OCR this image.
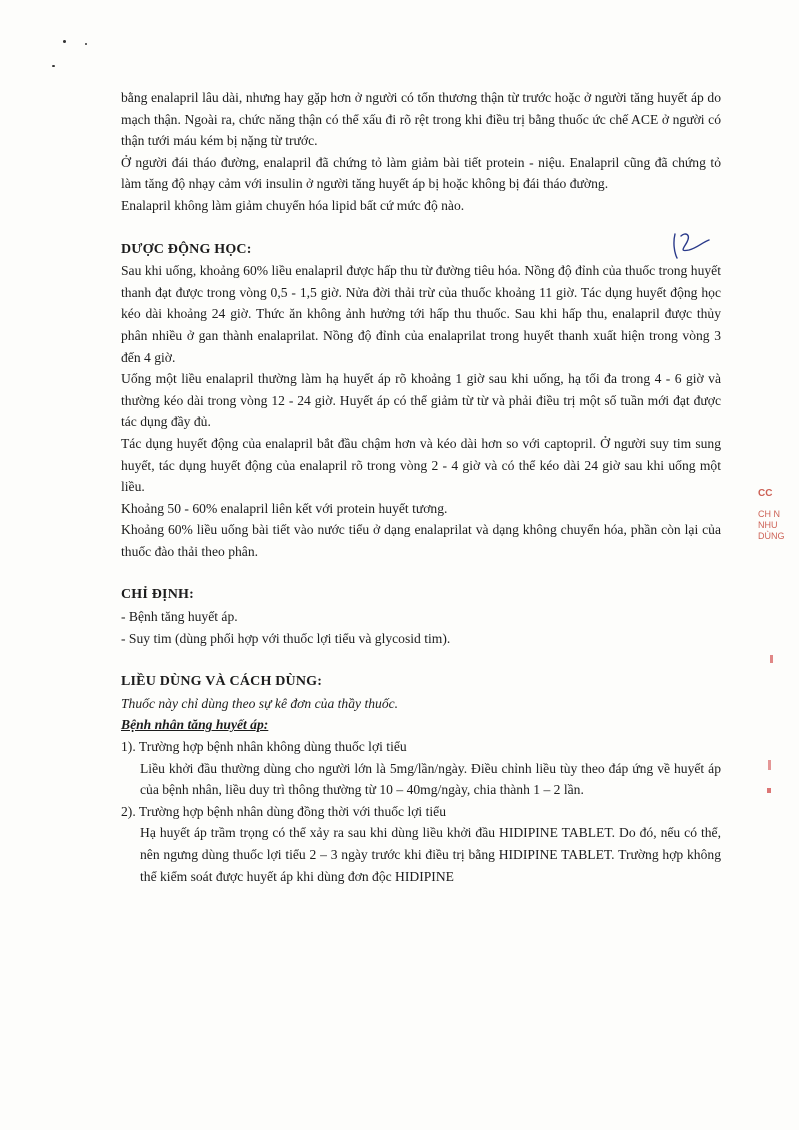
CC
CH N
NHU
DÙNG

bằng enalapril lâu dài, nhưng hay gặp hơn ở người có tổn thương thận từ trước hoặc ở người tăng huyết áp do mạch thận. Ngoài ra, chức năng thận có thể xấu đi rõ rệt trong khi điều trị bằng thuốc ức chế ACE ở người có thận tưới máu kém bị nặng từ trước.

Ở người đái tháo đường, enalapril đã chứng tỏ làm giảm bài tiết protein - niệu. Enalapril cũng đã chứng tỏ làm tăng độ nhạy cảm với insulin ở người tăng huyết áp bị hoặc không bị đái tháo đường.

Enalapril không làm giảm chuyển hóa lipid bất cứ mức độ nào.

DƯỢC ĐỘNG HỌC:

Sau khi uống, khoảng 60% liều enalapril được hấp thu từ đường tiêu hóa. Nồng độ đỉnh của thuốc trong huyết thanh đạt được trong vòng 0,5 - 1,5 giờ. Nửa đời thải trừ của thuốc khoảng 11 giờ. Tác dụng huyết động học kéo dài khoảng 24 giờ. Thức ăn không ảnh hưởng tới hấp thu thuốc. Sau khi hấp thu, enalapril được thủy phân nhiều ở gan thành enalaprilat. Nồng độ đỉnh của enalaprilat trong huyết thanh xuất hiện trong vòng 3 đến 4 giờ.

Uống một liều enalapril thường làm hạ huyết áp rõ khoảng 1 giờ sau khi uống, hạ tối đa trong 4 - 6 giờ và thường kéo dài trong vòng 12 - 24 giờ. Huyết áp có thể giảm từ từ và phải điều trị một số tuần mới đạt được tác dụng đầy đủ.

Tác dụng huyết động của enalapril bắt đầu chậm hơn và kéo dài hơn so với captopril. Ở người suy tim sung huyết, tác dụng huyết động của enalapril rõ trong vòng 2 - 4 giờ và có thể kéo dài 24 giờ sau khi uống một liều.

Khoảng 50 - 60% enalapril liên kết với protein huyết tương.

Khoảng 60% liều uống bài tiết vào nước tiểu ở dạng enalaprilat và dạng không chuyển hóa, phần còn lại của thuốc đào thải theo phân.

CHỈ ĐỊNH:

- Bệnh tăng huyết áp.

- Suy tim (dùng phối hợp với thuốc lợi tiểu và glycosid tim).

LIỀU DÙNG VÀ CÁCH DÙNG:

Thuốc này chỉ dùng theo sự kê đơn của thầy thuốc.

Bệnh nhân tăng huyết áp:

1). Trường hợp bệnh nhân không dùng thuốc lợi tiểu

Liều khởi đầu thường dùng cho người lớn là 5mg/lần/ngày. Điều chỉnh liều tùy theo đáp ứng về huyết áp của bệnh nhân, liều duy trì thông thường từ 10 – 40mg/ngày, chia thành 1 – 2 lần.

2). Trường hợp bệnh nhân dùng đồng thời với thuốc lợi tiểu

Hạ huyết áp trầm trọng có thể xảy ra sau khi dùng liều khởi đầu HIDIPINE TABLET. Do đó, nếu có thể, nên ngưng dùng thuốc lợi tiểu 2 – 3 ngày trước khi điều trị bằng HIDIPINE TABLET. Trường hợp không thể kiểm soát được huyết áp khi dùng đơn độc HIDIPINE
